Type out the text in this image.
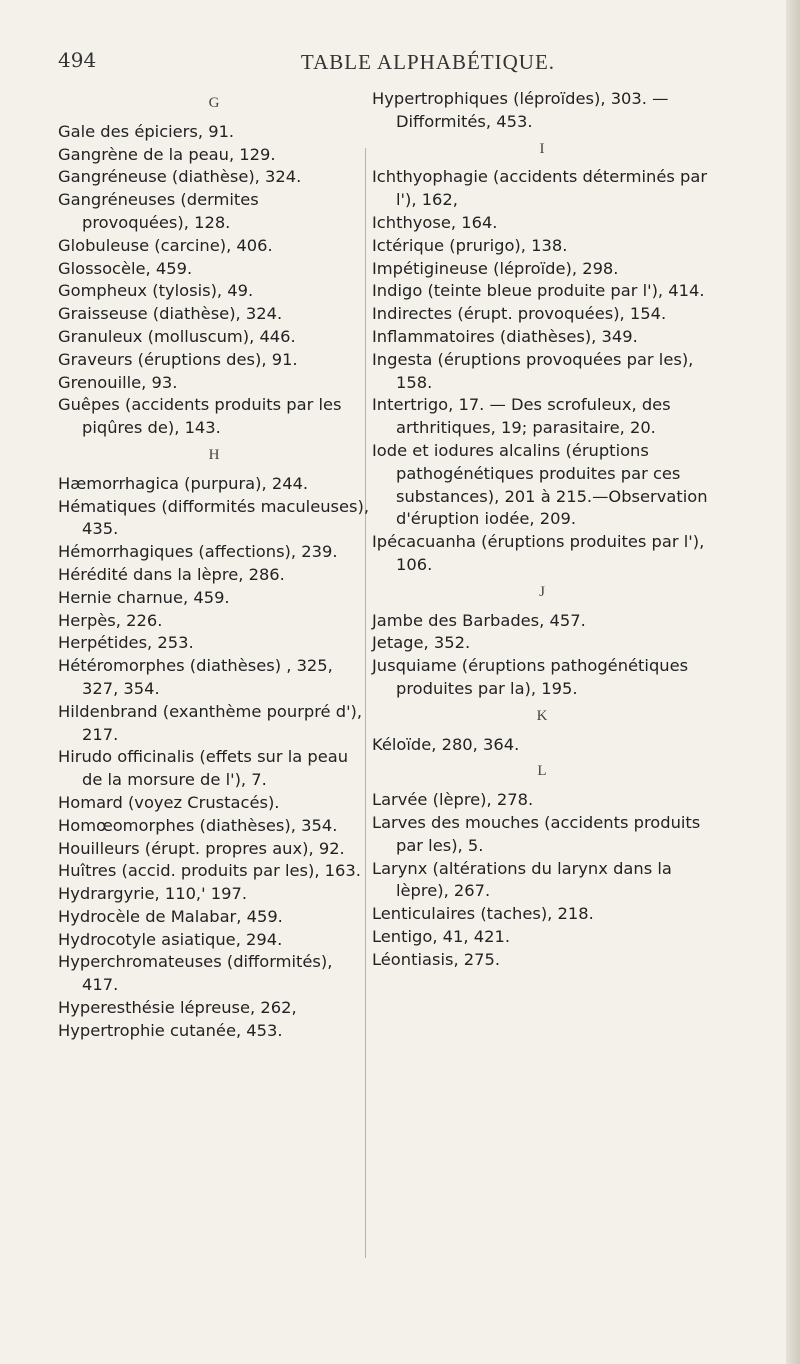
494	TABLE ALPHABÉTIQUE.
G

Gale des épiciers, 91.

Gangrène de la peau, 129.

Gangréneuse (diathèse), 324.

Gangréneuses (dermites provoquées), 128.

Globuleuse (carcine), 406.

Glossocèle, 459.

Gompheux (tylosis), 49.

Graisseuse (diathèse), 324.

Granuleux (molluscum), 446.

Graveurs (éruptions des), 91.

Grenouille, 93.

Guêpes (accidents produits par les piqûres de), 143.

H

Hæmorrhagica (purpura), 244.

Hématiques (difformités maculeuses), 435.

Hémorrhagiques (affections), 239.

Hérédité dans la lèpre, 286.

Hernie charnue, 459.

Herpès, 226.

Herpétides, 253.

Hétéromorphes (diathèses) , 325, 327, 354.

Hildenbrand (exanthème pourpré d'), 217.

Hirudo officinalis (effets sur la peau de la morsure de l'), 7.

Homard (voyez Crustacés).

Homœomorphes (diathèses), 354.

Houilleurs (érupt. propres aux), 92.

Huîtres (accid. produits par les), 163.

Hydrargyrie, 110,' 197.

Hydrocèle de Malabar, 459.

Hydrocotyle asiatique, 294.

Hyperchromateuses (difformités), 417.

Hyperesthésie lépreuse, 262,

Hypertrophie cutanée, 453.

Hypertrophiques (léproïdes), 303. — Difformités, 453.

I

Ichthyophagie (accidents déterminés par l'), 162,

Ichthyose, 164.

Ictérique (prurigo), 138.

Impétigineuse (léproïde), 298.

Indigo (teinte bleue produite par l'), 414.

Indirectes (érupt. provoquées), 154.

Inflammatoires (diathèses), 349.

Ingesta (éruptions provoquées par les), 158.

Intertrigo, 17. — Des scrofuleux, des arthritiques, 19; parasitaire, 20.

Iode et iodures alcalins (éruptions pathogénétiques produites par ces substances), 201 à 215.—Observation d'éruption iodée, 209.

Ipécacuanha (éruptions produites par l'), 106.

J

Jambe des Barbades, 457.

Jetage, 352.

Jusquiame (éruptions pathogénétiques produites par la), 195.

K

Kéloïde, 280, 364.

L

Larvée (lèpre), 278.

Larves des mouches (accidents produits par les), 5.

Larynx (altérations du larynx dans la lèpre), 267.

Lenticulaires (taches), 218.

Lentigo, 41, 421.

Léontiasis, 275.
